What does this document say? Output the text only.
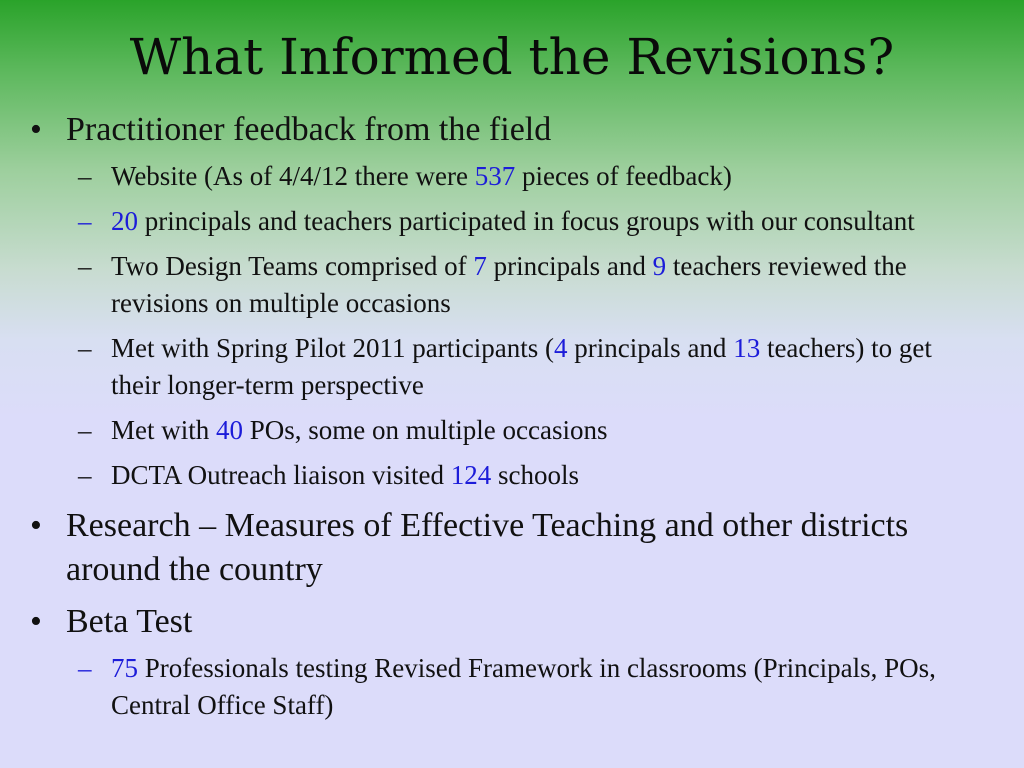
What Informed the Revisions?
• Practitioner feedback from the field
– Website (As of 4/4/12 there were 537 pieces of feedback)
– 20 principals and teachers participated in focus groups with our consultant
– Two Design Teams comprised of 7 principals and 9 teachers reviewed the revisions on multiple occasions
– Met with Spring Pilot 2011 participants (4 principals and 13 teachers) to get their longer-term perspective
– Met with 40 POs, some on multiple occasions
– DCTA Outreach liaison visited 124 schools
• Research – Measures of Effective Teaching and other districts around the country
• Beta Test
– 75 Professionals testing Revised Framework in classrooms (Principals, POs, Central Office Staff)
